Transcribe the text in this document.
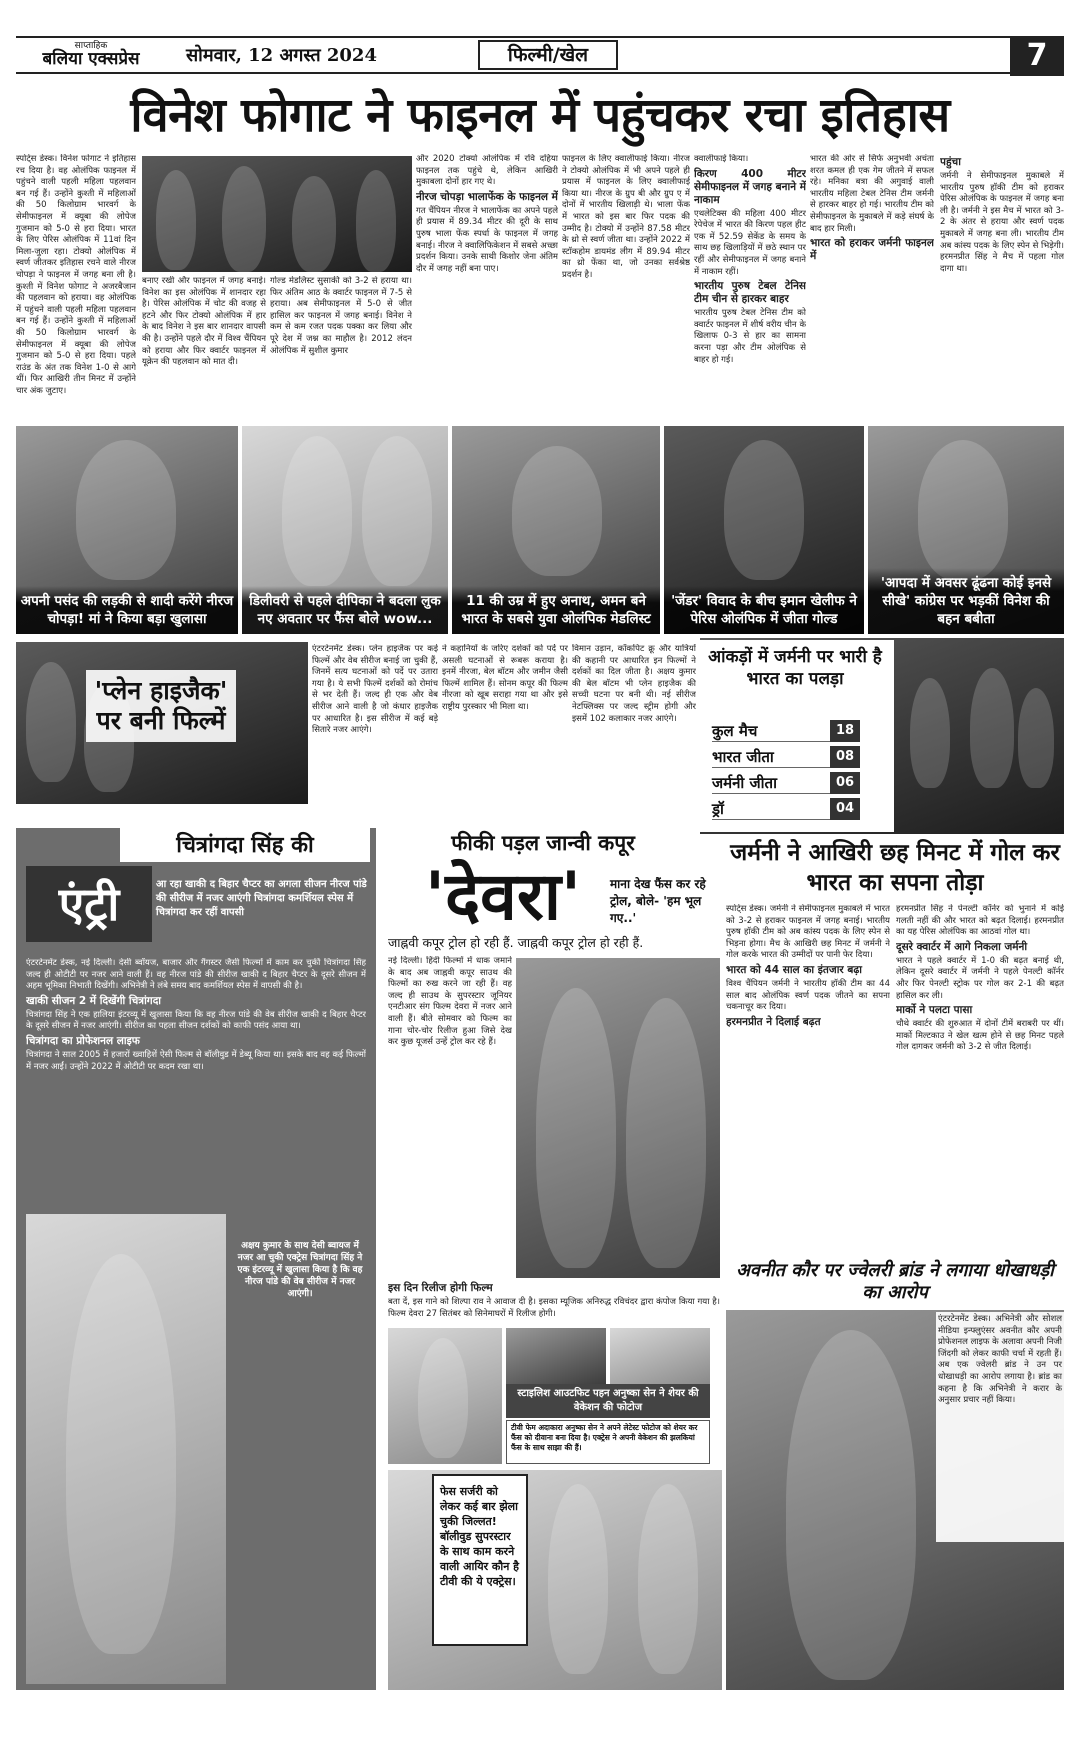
साप्ताहिक
बलिया एक्सप्रेस	सोमवार, 12 अगस्त 2024	फिल्मी/खेल	7
विनेश फोगाट ने फाइनल में पहुंचकर रचा इतिहास
स्पोर्ट्स डेस्क। विनेश फोगाट ने इतिहास रच दिया है। वह ओलंपिक फाइनल में पहुंचने वाली पहली महिला पहलवान बन गई हैं। उन्होंने कुश्ती में महिलाओं की 50 किलोग्राम भारवर्ग के सेमीफाइनल में क्यूबा की लोपेज गुजमान को 5-0 से हरा दिया। भारत के लिए पेरिस ओलंपिक में 11वां दिन मिला-जुला रहा। टोक्यो ओलंपिक में स्वर्ण जीतकर इतिहास रचने वाले नीरज चोपड़ा ने फाइनल में जगह बना ली है। कुश्ती में विनेश फोगाट ने अजरबैजान की पहलवान को हराया। वह ओलंपिक में पहुंचने वाली पहली महिला पहलवान बन गई हैं। उन्होंने कुश्ती में महिलाओं की 50 किलोग्राम भारवर्ग के सेमीफाइनल में क्यूबा की लोपेज गुजमान को 5-0 से हरा दिया। पहले राउंड के अंत तक विनेश 1-0 से आगे थीं। फिर आखिरी तीन मिनट में उन्होंने चार अंक जुटाए।
बनाए रखी और फाइनल में जगह बनाई। विनेश का इस ओलंपिक में शानदार रहा है। पेरिस ओलंपिक में चोट की वजह से हटने और फिर टोक्यो ओलंपिक में हार के बाद विनेश ने इस बार शानदार वापसी की है। उन्होंने पहले दौर में विश्व चैंपियन को हराया और फिर क्वार्टर फाइनल में यूक्रेन की पहलवान को मात दी।
गोल्ड मेडलिस्ट सुसाकी को 3-2 से हराया था। फिर अंतिम आठ के क्वार्टर फाइनल में 7-5 से हराया। अब सेमीफाइनल में 5-0 से जीत हासिल कर फाइनल में जगह बनाई। विनेश ने कम से कम रजत पदक पक्का कर लिया और पूरे देश में जश्न का माहौल है। 2012 लंदन ओलंपिक में सुशील कुमार
और 2020 टोक्यो ओलंपिक में रवि दहिया फाइनल तक पहुंचे थे, लेकिन आखिरी मुकाबला दोनों हार गए थे।
नीरज चोपड़ा भालाफेंक के फाइनल में
गत चैंपियन नीरज ने भालाफेंक का अपने पहले ही प्रयास में 89.34 मीटर की दूरी के साथ पुरुष भाला फेंक स्पर्धा के फाइनल में जगह बनाई। नीरज ने क्वालिफिकेशन में सबसे अच्छा प्रदर्शन किया। उनके साथी किशोर जेना अंतिम दौर में जगह नहीं बना पाए।
फाइनल के लिए क्वालीफाई किया। नीरज ने टोक्यो ओलंपिक में भी अपने पहले ही प्रयास में फाइनल के लिए क्वालीफाई किया था। नीरज के ग्रुप बी और ग्रुप ए में दोनों में भारतीय खिलाड़ी थे। भाला फेंक में भारत को इस बार फिर पदक की उम्मीद है। टोक्यो में उन्होंने 87.58 मीटर के थ्रो से स्वर्ण जीता था। उन्होंने 2022 में स्टॉकहोम डायमंड लीग में 89.94 मीटर का थ्रो फेंका था, जो उनका सर्वश्रेष्ठ प्रदर्शन है।
क्वालीफाई किया।
किरण 400 मीटर सेमीफाइनल में जगह बनाने में नाकाम
एथलेटिक्स की महिला 400 मीटर रेपेचेज में भारत की किरण पहल हीट एक में 52.59 सेकेंड के समय के साथ छह खिलाड़ियों में छठे स्थान पर रहीं और सेमीफाइनल में जगह बनाने में नाकाम रहीं।
भारतीय पुरुष टेबल टेनिस टीम चीन से हारकर बाहर
भारतीय पुरुष टेबल टेनिस टीम को क्वार्टर फाइनल में शीर्ष वरीय चीन के खिलाफ 0-3 से हार का सामना करना पड़ा और टीम ओलंपिक से बाहर हो गई।
भारत की ओर से सिर्फ अनुभवी अचंता शरत कमल ही एक गेम जीतने में सफल रहे। मनिका बत्रा की अगुवाई वाली भारतीय महिला टेबल टेनिस टीम जर्मनी से हारकर बाहर हो गई। भारतीय टीम को सेमीफाइनल के मुकाबले में कड़े संघर्ष के बाद हार मिली।
भारत को हराकर जर्मनी फाइनल में
पहुंचा
जर्मनी ने सेमीफाइनल मुकाबले में भारतीय पुरुष हॉकी टीम को हराकर पेरिस ओलंपिक के फाइनल में जगह बना ली है। जर्मनी ने इस मैच में भारत को 3-2 के अंतर से हराया और स्वर्ण पदक मुकाबले में जगह बना ली। भारतीय टीम अब कांस्य पदक के लिए स्पेन से भिड़ेगी। हरमनप्रीत सिंह ने मैच में पहला गोल दागा था।
अपनी पसंद की लड़की से शादी करेंगे नीरज चोपड़ा! मां ने किया बड़ा खुलासा
डिलीवरी से पहले दीपिका ने बदला लुक नए अवतार पर फैंस बोले wow...
11 की उम्र में हुए अनाथ, अमन बने भारत के सबसे युवा ओलंपिक मेडलिस्ट
'जेंडर' विवाद के बीच इमान खेलीफ ने पेरिस ओलंपिक में जीता गोल्ड
'आपदा में अवसर ढूंढना कोई इनसे सीखे' कांग्रेस पर भड़कीं विनेश की बहन बबीता
'प्लेन हाइजैक' पर बनी फिल्में
एंटरटेनमेंट डेस्क। प्लेन हाइजैक पर कई फिल्में और वेब सीरीज बनाई जा चुकी हैं, जिनमें सत्य घटनाओं को पर्दे पर उतारा गया है। ये सभी फिल्में दर्शकों को रोमांच से भर देती हैं। जल्द ही एक और वेब सीरीज आने वाली है जो कंधार हाइजैक पर आधारित है। इस सीरीज में कई बड़े सितारे नजर आएंगे।
ने कहानियों के जरिए दर्शकों को पर्दे पर असली घटनाओं से रूबरू कराया है। इनमें नीरजा, बेल बॉटम और जमीन जैसी फिल्में शामिल हैं। सोनम कपूर की फिल्म नीरजा को खूब सराहा गया था और इसे राष्ट्रीय पुरस्कार भी मिला था।
विमान उड़ान, कॉकपिट क्रू और यात्रियों की कहानी पर आधारित इन फिल्मों ने दर्शकों का दिल जीता है। अक्षय कुमार की बेल बॉटम भी प्लेन हाइजैक की सच्ची घटना पर बनी थी। नई सीरीज नेटफ्लिक्स पर जल्द स्ट्रीम होगी और इसमें 102 कलाकार नजर आएंगे।
आंकड़ों में जर्मनी पर भारी है भारत का पलड़ा
कुल मैच	18
भारत जीता	08
जर्मनी जीता	06
ड्रॉ	04
चित्रांगदा सिंह की
एंट्री	आ रहा खाकी द बिहार चैप्टर का अगला सीजन नीरज पांडे की सीरीज में नजर आएंगी चित्रांगदा कमर्शियल स्पेस में चित्रांगदा कर रहीं वापसी
एंटरटेनमेंट डेस्क, नई दिल्ली। देसी ब्वॉयज, बाजार और गैंगस्टर जैसी फिल्मों में काम कर चुकीं चित्रांगदा सिंह जल्द ही ओटीटी पर नजर आने वाली हैं। वह नीरज पांडे की सीरीज खाकी द बिहार चैप्टर के दूसरे सीजन में अहम भूमिका निभाती दिखेंगी। अभिनेत्री ने लंबे समय बाद कमर्शियल स्पेस में वापसी की है।
खाकी सीजन 2 में दिखेंगी चित्रांगदा
चित्रांगदा सिंह ने एक हालिया इंटरव्यू में खुलासा किया कि वह नीरज पांडे की वेब सीरीज खाकी द बिहार चैप्टर के दूसरे सीजन में नजर आएंगी। सीरीज का पहला सीजन दर्शकों को काफी पसंद आया था।
चित्रांगदा का प्रोफेशनल लाइफ
चित्रांगदा ने साल 2005 में हजारों ख्वाहिशें ऐसी फिल्म से बॉलीवुड में डेब्यू किया था। इसके बाद वह कई फिल्मों में नजर आईं। उन्होंने 2022 में ओटीटी पर कदम रखा था।
अक्षय कुमार के साथ देसी ब्वायज में नजर आ चुकी एक्ट्रेस चित्रांगदा सिंह ने एक इंटरव्यू में खुलासा किया है कि वह नीरज पांडे की वेब सीरीज में नजर आएंगी।
फीकी पड़ल जान्वी कपूर
'देवरा'	माना देख फैंस कर रहे ट्रोल, बोले- 'हम भूल गए..'
जाह्नवी कपूर ट्रोल हो रही हैं. जाह्नवी कपूर ट्रोल हो रही हैं.
नई दिल्ली। हिंदी फिल्मों में धाक जमाने के बाद अब जाह्नवी कपूर साउथ की फिल्मों का रुख करने जा रही हैं। वह जल्द ही साउथ के सुपरस्टार जूनियर एनटीआर संग फिल्म देवरा में नजर आने वाली हैं। बीते सोमवार को फिल्म का गाना चोर-चोर रिलीज हुआ जिसे देख कर कुछ यूजर्स उन्हें ट्रोल कर रहे हैं।
इस दिन रिलीज होगी फिल्म
बता दें, इस गाने को शिल्पा राव ने आवाज दी है। इसका म्यूजिक अनिरुद्ध रविचंदर द्वारा कंपोज किया गया है। फिल्म देवरा 27 सितंबर को सिनेमाघरों में रिलीज होगी।
स्टाइलिश आउटफिट पहन अनुष्का सेन ने शेयर की वेकेशन की फोटोज
टीवी फेम अदाकारा अनुष्का सेन ने अपने लेटेस्ट फोटोज को शेयर कर फैंस को दीवाना बना दिया है। एक्ट्रेस ने अपनी वेकेशन की झलकियां फैंस के साथ साझा की हैं।
फेस सर्जरी को लेकर कई बार झेला चुकी जिल्लत! बॉलीवुड सुपरस्टार के साथ काम करने वाली आयिर कौन है टीवी की ये एक्ट्रेस।
जर्मनी ने आखिरी छह मिनट में गोल कर भारत का सपना तोड़ा
स्पोर्ट्स डेस्क। जर्मनी ने सेमीफाइनल मुकाबले में भारत को 3-2 से हराकर फाइनल में जगह बनाई। भारतीय पुरुष हॉकी टीम को अब कांस्य पदक के लिए स्पेन से भिड़ना होगा। मैच के आखिरी छह मिनट में जर्मनी ने गोल करके भारत की उम्मीदों पर पानी फेर दिया।
भारत को 44 साल का इंतजार बढ़ा
विश्व चैंपियन जर्मनी ने भारतीय हॉकी टीम का 44 साल बाद ओलंपिक स्वर्ण पदक जीतने का सपना चकनाचूर कर दिया।
हरमनप्रीत ने दिलाई बढ़त
हरमनप्रीत सिंह ने पेनल्टी कॉर्नर को भुनाने में कोई गलती नहीं की और भारत को बढ़त दिलाई। हरमनप्रीत का यह पेरिस ओलंपिक का आठवां गोल था।
दूसरे क्वार्टर में आगे निकला जर्मनी
भारत ने पहले क्वार्टर में 1-0 की बढ़त बनाई थी, लेकिन दूसरे क्वार्टर में जर्मनी ने पहले पेनल्टी कॉर्नर और फिर पेनल्टी स्ट्रोक पर गोल कर 2-1 की बढ़त हासिल कर ली।
मार्को ने पलटा पासा
चौथे क्वार्टर की शुरुआत में दोनों टीमें बराबरी पर थीं। मार्को मिल्टकाउ ने खेल खत्म होने से छह मिनट पहले गोल दागकर जर्मनी को 3-2 से जीत दिलाई।
अवनीत कौर पर ज्वेलरी ब्रांड ने लगाया धोखाधड़ी का आरोप
एंटरटेनमेंट डेस्क। अभिनेत्री और सोशल मीडिया इन्फ्लुएंसर अवनीत कौर अपनी प्रोफेशनल लाइफ के अलावा अपनी निजी जिंदगी को लेकर काफी चर्चा में रहती हैं। अब एक ज्वेलरी ब्रांड ने उन पर धोखाधड़ी का आरोप लगाया है। ब्रांड का कहना है कि अभिनेत्री ने करार के अनुसार प्रचार नहीं किया।
